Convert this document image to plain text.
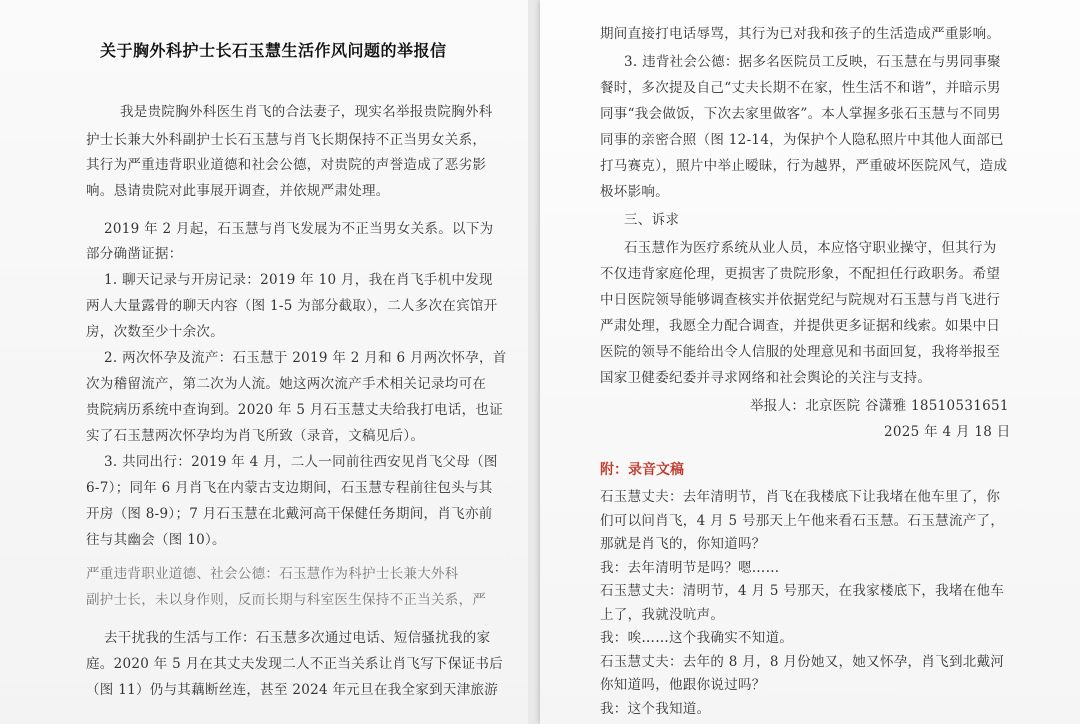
关于胸外科护士长石玉慧生活作风问题的举报信
我是贵院胸外科医生肖飞的合法妻子，现实名举报贵院胸外科
护士长兼大外科副护士长石玉慧与肖飞长期保持不正当男女关系，
其行为严重违背职业道德和社会公德，对贵院的声誉造成了恶劣影
响。恳请贵院对此事展开调查，并依规严肃处理。
2019 年 2 月起，石玉慧与肖飞发展为不正当男女关系。以下为
部分确凿证据：
1. 聊天记录与开房记录：2019 年 10 月，我在肖飞手机中发现
两人大量露骨的聊天内容（图 1-5 为部分截取），二人多次在宾馆开
房，次数至少十余次。
2. 两次怀孕及流产：石玉慧于 2019 年 2 月和 6 月两次怀孕，首
次为稽留流产，第二次为人流。她这两次流产手术相关记录均可在
贵院病历系统中查询到。2020 年 5 月石玉慧丈夫给我打电话，也证
实了石玉慧两次怀孕均为肖飞所致（录音，文稿见后）。
3. 共同出行：2019 年 4 月，二人一同前往西安见肖飞父母（图
6-7）；同年 6 月肖飞在内蒙古支边期间，石玉慧专程前往包头与其
开房（图 8-9）；7 月石玉慧在北戴河高干保健任务期间，肖飞亦前
往与其幽会（图 10）。
严重违背职业道德、社会公德：石玉慧作为科护士长兼大外科
副护士长，未以身作则，反而长期与科室医生保持不正当关系，严
去干扰我的生活与工作：石玉慧多次通过电话、短信骚扰我的家
庭。2020 年 5 月在其丈夫发现二人不正当关系让肖飞写下保证书后
（图 11）仍与其藕断丝连，甚至 2024 年元旦在我全家到天津旅游
期间直接打电话辱骂，其行为已对我和孩子的生活造成严重影响。
3. 违背社会公德：据多名医院员工反映，石玉慧在与男同事聚
餐时，多次提及自己“丈夫长期不在家，性生活不和谐”，并暗示男
同事“我会做饭，下次去家里做客”。本人掌握多张石玉慧与不同男
同事的亲密合照（图 12-14，为保护个人隐私照片中其他人面部已
打马赛克），照片中举止暧昧，行为越界，严重破坏医院风气，造成
极坏影响。
三、诉求
石玉慧作为医疗系统从业人员，本应恪守职业操守，但其行为
不仅违背家庭伦理，更损害了贵院形象，不配担任行政职务。希望
中日医院领导能够调查核实并依据党纪与院规对石玉慧与肖飞进行
严肃处理，我愿全力配合调查，并提供更多证据和线索。如果中日
医院的领导不能给出令人信服的处理意见和书面回复，我将举报至
国家卫健委纪委并寻求网络和社会舆论的关注与支持。
举报人：北京医院 谷潇雅 18510531651
2025 年 4 月 18 日
附：录音文稿
石玉慧丈夫：去年清明节，肖飞在我楼底下让我堵在他车里了，你
们可以问肖飞，4 月 5 号那天上午他来看石玉慧。石玉慧流产了，
那就是肖飞的，你知道吗？
我：去年清明节是吗？嗯……
石玉慧丈夫：清明节，4 月 5 号那天，在我家楼底下，我堵在他车
上了，我就没吭声。
我：唉……这个我确实不知道。
石玉慧丈夫：去年的 8 月，8 月份她又，她又怀孕，肖飞到北戴河
你知道吗，他跟你说过吗？
我：这个我知道。
